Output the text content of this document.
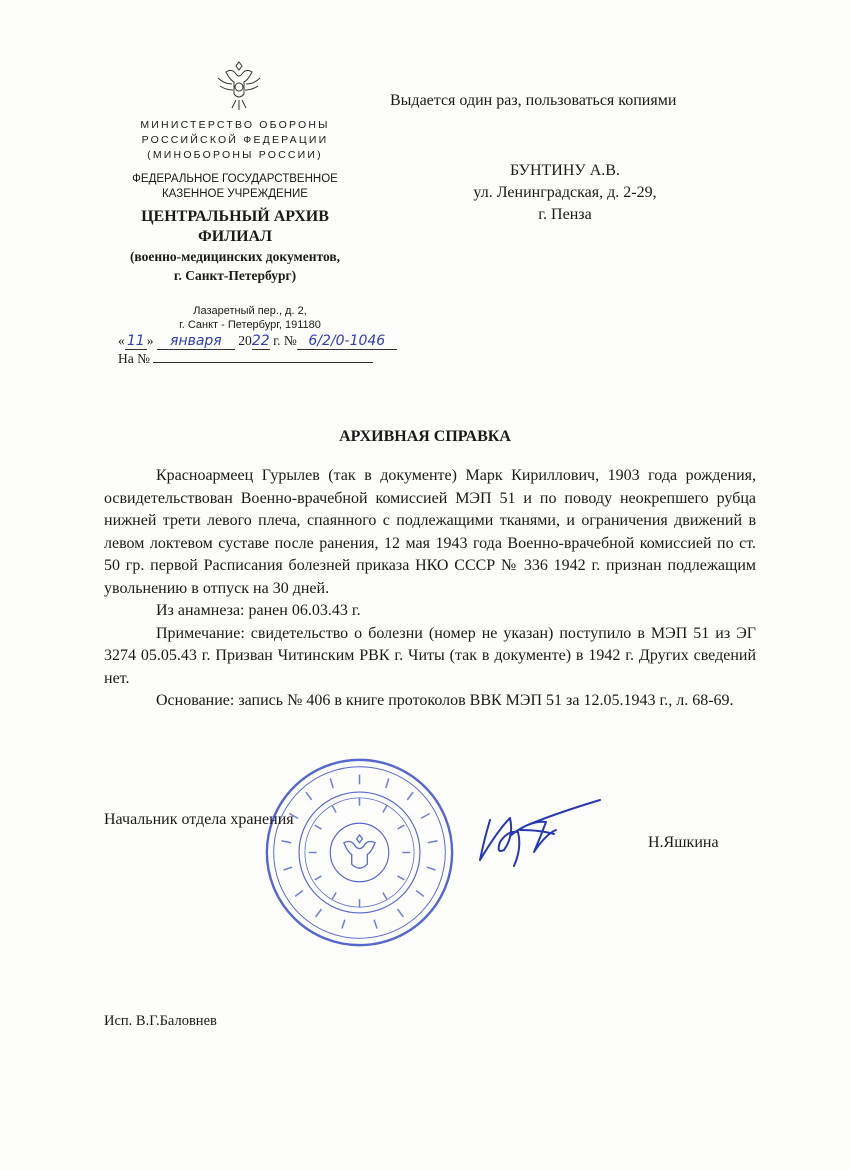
МИНИСТЕРСТВО ОБОРОНЫ
РОССИЙСКОЙ ФЕДЕРАЦИИ
(МИНОБОРОНЫ РОССИИ)
ФЕДЕРАЛЬНОЕ ГОСУДАРСТВЕННОЕ
КАЗЕННОЕ УЧРЕЖДЕНИЕ
ЦЕНТРАЛЬНЫЙ АРХИВ
ФИЛИАЛ
(военно-медицинских документов,
г. Санкт-Петербург)
Лазаретный пер., д. 2,
г. Санкт - Петербург, 191180
« 11 » января 2022 г. № 6/2/0-1046
На №
Выдается один раз, пользоваться копиями
БУНТИНУ А.В.
ул. Ленинградская, д. 2-29,
г. Пенза
АРХИВНАЯ СПРАВКА

Красноармеец Гурылев (так в документе) Марк Кириллович, 1903 года рождения, освидетельствован Военно-врачебной комиссией МЭП 51 и по поводу неокрепшего рубца нижней трети левого плеча, спаянного с подлежащими тканями, и ограничения движений в левом локтевом суставе после ранения, 12 мая 1943 года Военно-врачебной комиссией по ст. 50 гр. первой Расписания болезней приказа НКО СССР № 336 1942 г. признан подлежащим увольнению в отпуск на 30 дней.

Из анамнеза: ранен 06.03.43 г.

Примечание: свидетельство о болезни (номер не указан) поступило в МЭП 51 из ЭГ 3274 05.05.43 г. Призван Читинским РВК г. Читы (так в документе) в 1942 г. Других сведений нет.

Основание: запись № 406 в книге протоколов ВВК МЭП 51 за 12.05.1943 г., л. 68-69.

Начальник отдела хранения
Н.Яшкина
Исп. В.Г.Баловнев
